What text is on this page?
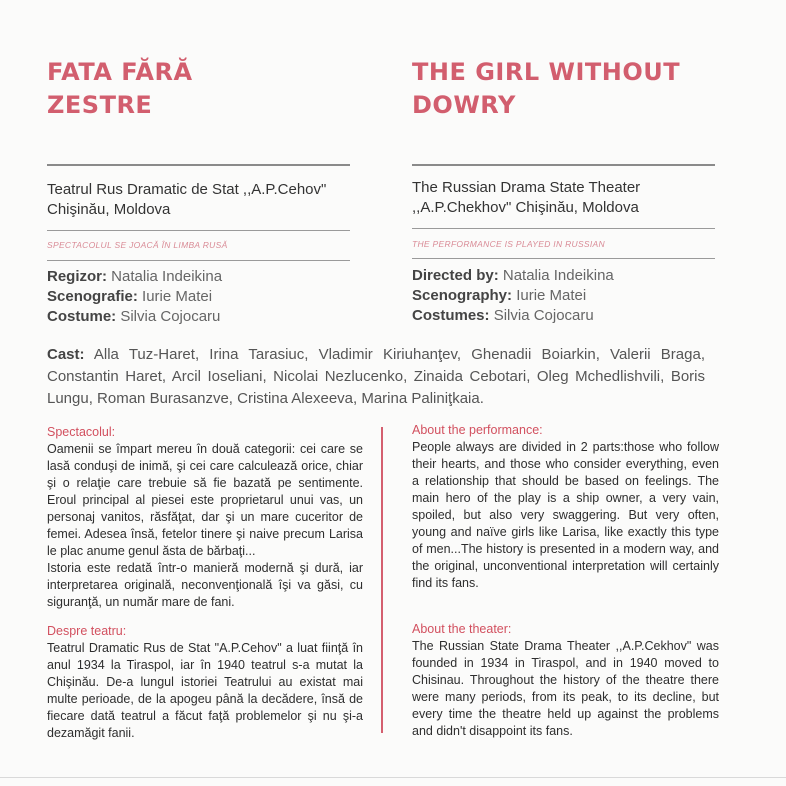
FATA FĂRĂ

ZESTRE

THE GIRL WITHOUT

DOWRY

Teatrul Rus Dramatic de Stat ,,A.P.Cehov"
Chişinău, Moldova
The Russian Drama State Theater
,,A.P.Chekhov" Chişinău, Moldova
SPECTACOLUL SE JOACĂ ÎN LIMBA RUSĂ	THE PERFORMANCE IS PLAYED IN RUSSIAN
Regizor: Natalia Indeikina
Scenografie: Iurie Matei
Costume: Silvia Cojocaru
Directed by: Natalia Indeikina
Scenography: Iurie Matei
Costumes: Silvia Cojocaru
Cast: Alla Tuz-Haret, Irina Tarasiuc, Vladimir Kiriuhanţev, Ghenadii Boiarkin, Valerii Braga, Constantin Haret, Arcil Ioseliani, Nicolai Nezlucenko, Zinaida Cebotari, Oleg Mchedlishvili, Boris Lungu, Roman Burasanzve, Cristina Alexeeva, Marina Paliniţkaia.
Spectacolul:
Oamenii se împart mereu în două categorii: cei care se lasă conduşi de inimă, şi cei care calculează orice, chiar şi o relaţie care trebuie să fie bazată pe sentimente. Eroul principal al piesei este proprietarul unui vas, un personaj vanitos, răsfăţat, dar şi un mare cuceritor de femei. Adesea însă, fetelor tinere şi naive precum Larisa le plac anume genul ăsta de bărbaţi...
Istoria este redată într-o manieră modernă şi dură, iar interpretarea originală, neconvenţională îşi va găsi, cu siguranţă, un număr mare de fani.
Despre teatru:
Teatrul Dramatic Rus de Stat "A.P.Cehov" a luat fiinţă în anul 1934 la Tiraspol, iar în 1940 teatrul s-a mutat la Chişinău. De-a lungul istoriei Teatrului au existat mai multe perioade, de la apogeu până la decădere, însă de fiecare dată teatrul a făcut faţă problemelor şi nu şi-a dezamăgit fanii.
About the performance:
People always are divided in 2 parts:those who follow their hearts, and those who consider everything, even a relationship that should be based on feelings. The main hero of the play is a ship owner, a very vain, spoiled, but also very swaggering. But very often, young and naïve girls like Larisa, like exactly this type of men...The history is presented in a modern way, and the original, unconventional interpretation will certainly find its fans.
About the theater:
The Russian State Drama Theater ,,A.P.Cekhov" was founded in 1934 in Tiraspol, and in 1940 moved to Chisinau. Throughout the history of the theatre there were many periods, from its peak, to its decline, but every time the theatre held up against the problems and didn't disappoint its fans.
